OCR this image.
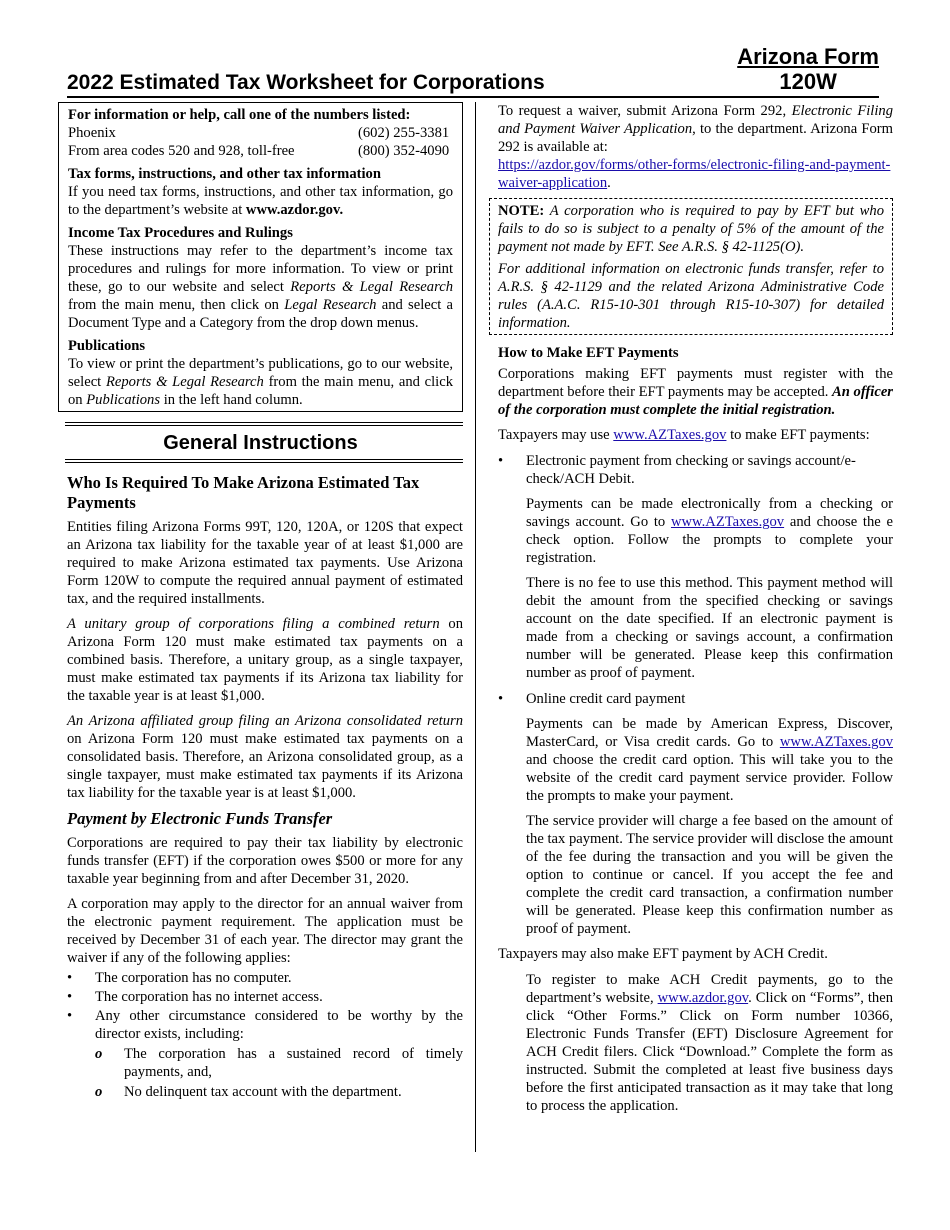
Arizona Form
120W
2022 Estimated Tax Worksheet for Corporations
For information or help, call one of the numbers listed:
Phoenix	(602) 255-3381
From area codes 520 and 928, toll-free	(800) 352-4090
Tax forms, instructions, and other tax information

If you need tax forms, instructions, and other tax information, go to the department’s website at www.azdor.gov.

Income Tax Procedures and Rulings

These instructions may refer to the department’s income tax procedures and rulings for more information. To view or print these, go to our website and select Reports & Legal Research from the main menu, then click on Legal Research and select a Document Type and a Category from the drop down menus.

Publications

To view or print the department’s publications, go to our website, select Reports & Legal Research from the main menu, and click on Publications in the left hand column.

General Instructions

Who Is Required To Make Arizona Estimated Tax Payments

Entities filing Arizona Forms 99T, 120, 120A, or 120S that expect an Arizona tax liability for the taxable year of at least $1,000 are required to make Arizona estimated tax payments. Use Arizona Form 120W to compute the required annual payment of estimated tax, and the required installments.

A unitary group of corporations filing a combined return on Arizona Form 120 must make estimated tax payments on a combined basis. Therefore, a unitary group, as a single taxpayer, must make estimated tax payments if its Arizona tax liability for the taxable year is at least $1,000.

An Arizona affiliated group filing an Arizona consolidated return on Arizona Form 120 must make estimated tax payments on a consolidated basis. Therefore, an Arizona consolidated group, as a single taxpayer, must make estimated tax payments if its Arizona tax liability for the taxable year is at least $1,000.

Payment by Electronic Funds Transfer

Corporations are required to pay their tax liability by electronic funds transfer (EFT) if the corporation owes $500 or more for any taxable year beginning from and after December 31, 2020.

A corporation may apply to the director for an annual waiver from the electronic payment requirement. The application must be received by December 31 of each year. The director may grant the waiver if any of the following applies:

• The corporation has no computer.
• The corporation has no internet access.
• Any other circumstance considered to be worthy by the director exists, including:

o The corporation has a sustained record of timely payments, and,

o No delinquent tax account with the department.

To request a waiver, submit Arizona Form 292, Electronic Filing and Payment Waiver Application, to the department. Arizona Form 292 is available at:
https://azdor.gov/forms/other-forms/electronic-filing-and-payment-waiver-application.

NOTE: A corporation who is required to pay by EFT but who fails to do so is subject to a penalty of 5% of the amount of the payment not made by EFT. See A.R.S. § 42-1125(O).

For additional information on electronic funds transfer, refer to A.R.S. § 42-1129 and the related Arizona Administrative Code rules (A.A.C. R15-10-301 through R15-10-307) for detailed information.

How to Make EFT Payments

Corporations making EFT payments must register with the department before their EFT payments may be accepted. An officer of the corporation must complete the initial registration.

Taxpayers may use www.AZTaxes.gov to make EFT payments:

• Electronic payment from checking or savings account/e-check/ACH Debit.

Payments can be made electronically from a checking or savings account. Go to www.AZTaxes.gov and choose the e check option. Follow the prompts to complete your registration.

There is no fee to use this method. This payment method will debit the amount from the specified checking or savings account on the date specified. If an electronic payment is made from a checking or savings account, a confirmation number will be generated. Please keep this confirmation number as proof of payment.

• Online credit card payment

Payments can be made by American Express, Discover, MasterCard, or Visa credit cards. Go to www.AZTaxes.gov and choose the credit card option. This will take you to the website of the credit card payment service provider. Follow the prompts to make your payment.

The service provider will charge a fee based on the amount of the tax payment. The service provider will disclose the amount of the fee during the transaction and you will be given the option to continue or cancel. If you accept the fee and complete the credit card transaction, a confirmation number will be generated. Please keep this confirmation number as proof of payment.

Taxpayers may also make EFT payment by ACH Credit.

To register to make ACH Credit payments, go to the department’s website, www.azdor.gov. Click on “Forms”, then click “Other Forms.” Click on Form number 10366, Electronic Funds Transfer (EFT) Disclosure Agreement for ACH Credit filers. Click “Download.” Complete the form as instructed. Submit the completed at least five business days before the first anticipated transaction as it may take that long to process the application.
